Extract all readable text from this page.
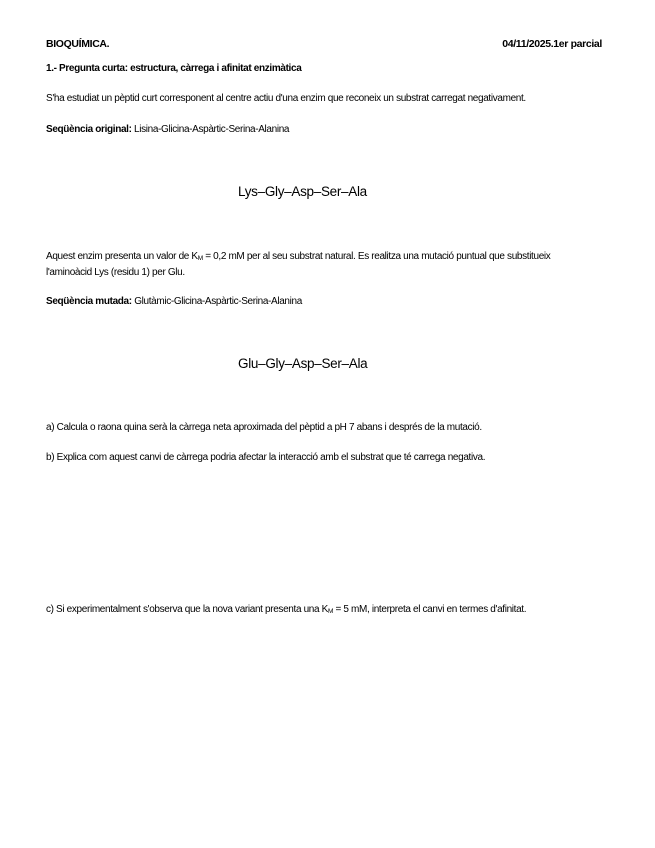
BIOQUÍMICA.	04/11/2025.1er parcial
1.- Pregunta curta: estructura, càrrega i afinitat enzimàtica
S'ha estudiat un pèptid curt corresponent al centre actiu d'una enzim que reconeix un substrat carregat negativament.
Seqüència original: Lisina-Glicina-Aspàrtic-Serina-Alanina
Lys–Gly–Asp–Ser–Ala
Aquest enzim presenta un valor de $K_M = 0,2$ mM per al seu substrat natural. Es realitza una mutació puntual que substitueix l'aminoàcid Lys (residu 1) per Glu.
Seqüència mutada: Glutàmic-Glicina-Aspàrtic-Serina-Alanina
Glu–Gly–Asp–Ser–Ala
a) Calcula o raona quina serà la càrrega neta aproximada del pèptid a pH 7 abans i després de la mutació.
b) Explica com aquest canvi de càrrega podria afectar la interacció amb el substrat que té carrega negativa.
c) Si experimentalment s'observa que la nova variant presenta una $K_M = 5$ mM, interpreta el canvi en termes d'afinitat.
